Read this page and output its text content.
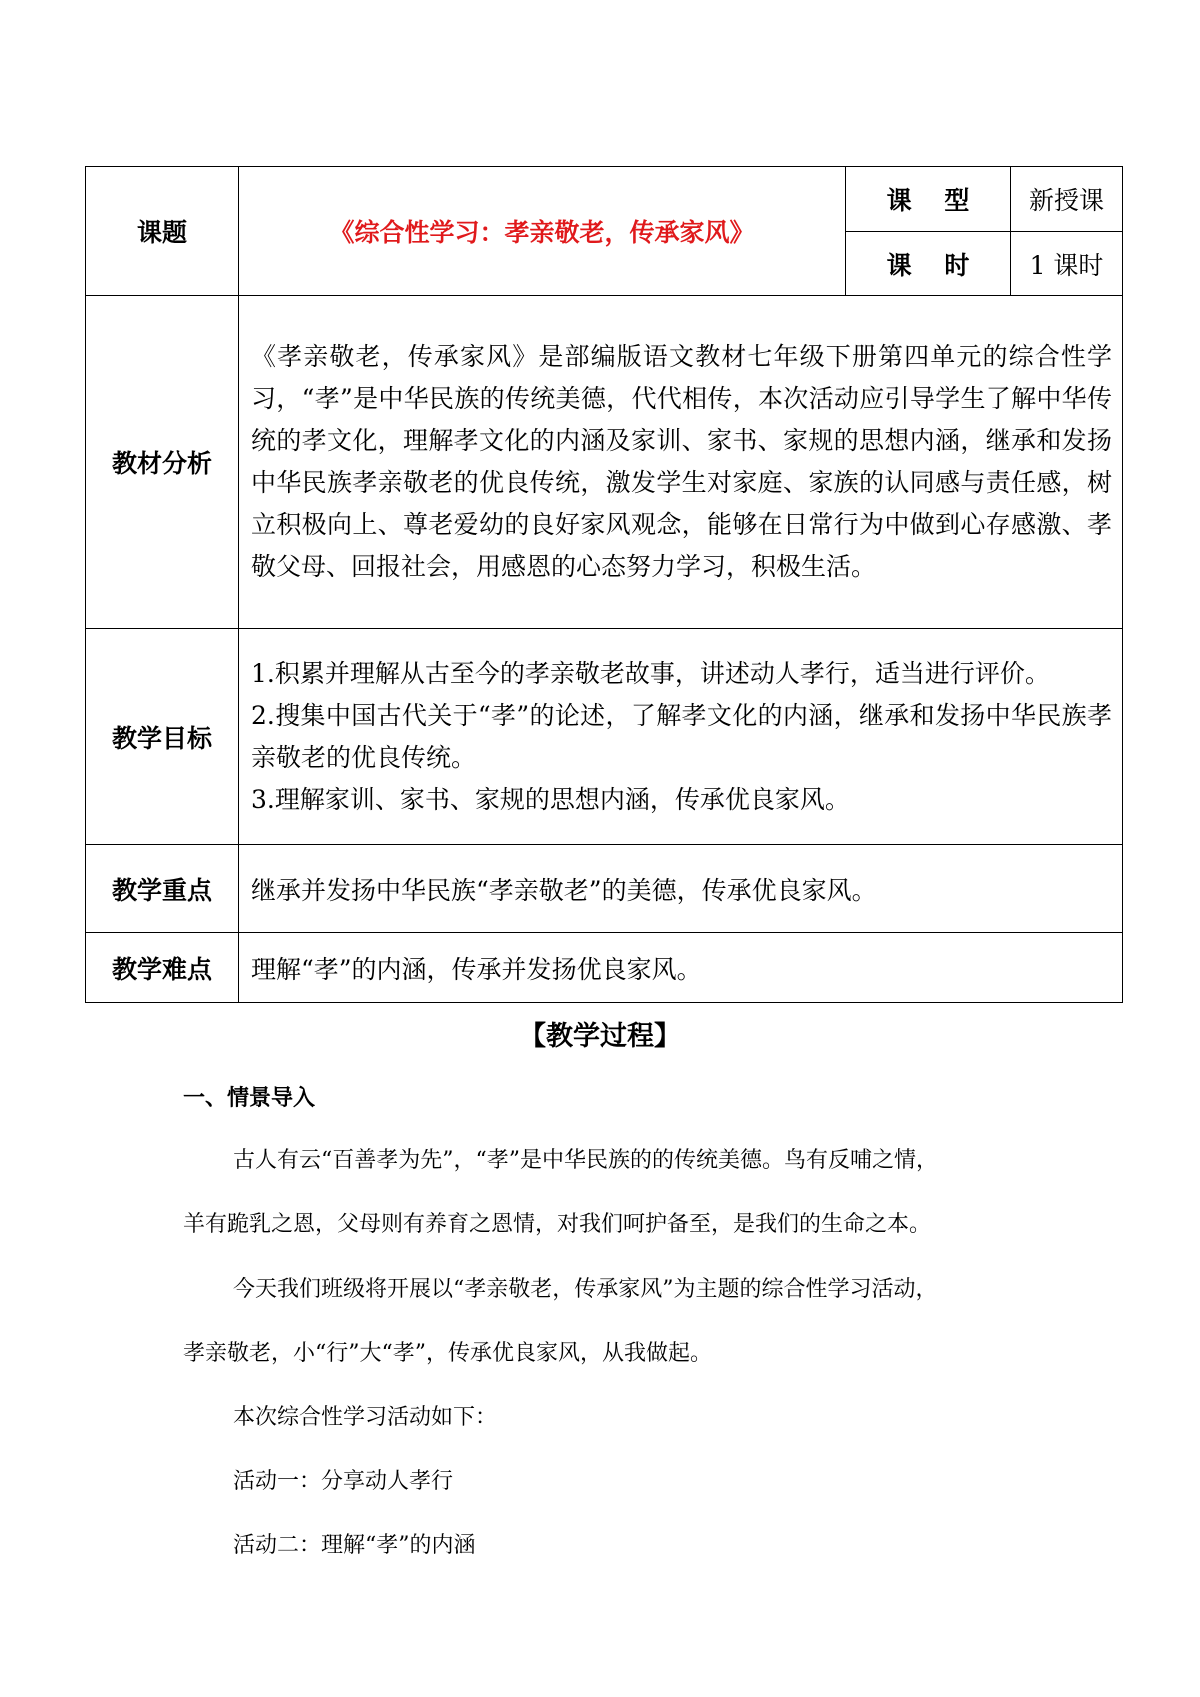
课题	《综合性学习：孝亲敬老，传承家风》	课 型	新授课
		课 时	1 课时
教材分析	《孝亲敬老，传承家风》是部编版语文教材七年级下册第四单元的综合性学习，“孝”是中华民族的传统美德，代代相传，本次活动应引导学生了解中华传统的孝文化，理解孝文化的内涵及家训、家书、家规的思想内涵，继承和发扬中华民族孝亲敬老的优良传统，激发学生对家庭、家族的认同感与责任感，树立积极向上、尊老爱幼的良好家风观念，能够在日常行为中做到心存感激、孝敬父母、回报社会，用感恩的心态努力学习，积极生活。		
教学目标	1.积累并理解从古至今的孝亲敬老故事，讲述动人孝行，适当进行评价。

2.搜集中国古代关于“孝”的论述，了解孝文化的内涵，继承和发扬中华民族孝亲敬老的优良传统。

3.理解家训、家书、家规的思想内涵，传承优良家风。		

教学重点	继承并发扬中华民族“孝亲敬老”的美德，传承优良家风。		
教学难点	理解“孝”的内涵，传承并发扬优良家风。		
【教学过程】
一、情景导入
古人有云“百善孝为先”，“孝”是中华民族的的传统美德。鸟有反哺之情，
羊有跪乳之恩，父母则有养育之恩情，对我们呵护备至，是我们的生命之本。
今天我们班级将开展以“孝亲敬老，传承家风”为主题的综合性学习活动，
孝亲敬老，小“行”大“孝”，传承优良家风，从我做起。
本次综合性学习活动如下：
活动一：分享动人孝行
活动二：理解“孝”的内涵
